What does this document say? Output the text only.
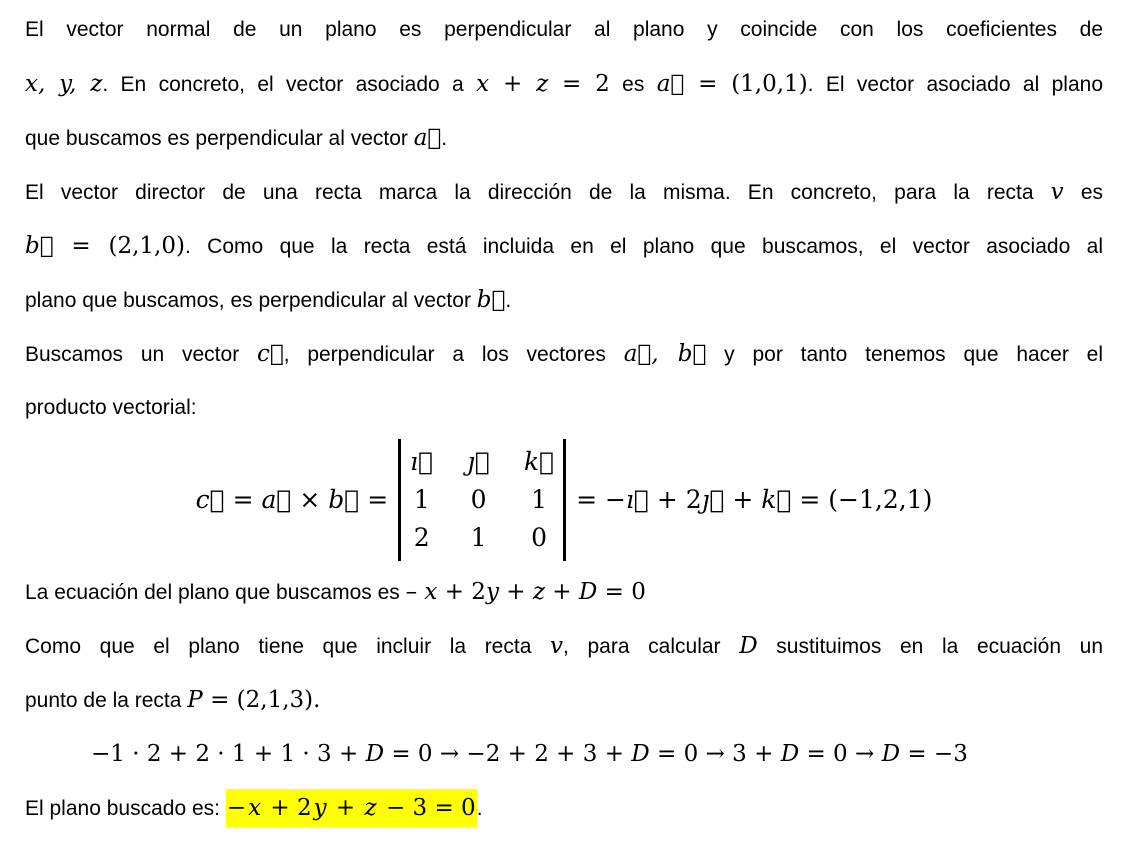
El vector normal de un plano es perpendicular al plano y coincide con los coeficientes de
x, y, z. En concreto, el vector asociado a x + z = 2 es a⃗ = (1,0,1). El vector asociado al plano
que buscamos es perpendicular al vector a⃗.
El vector director de una recta marca la dirección de la misma. En concreto, para la recta v es
b⃗ = (2,1,0). Como que la recta está incluida en el plano que buscamos, el vector asociado al
plano que buscamos, es perpendicular al vector b⃗.
Buscamos un vector c⃗, perpendicular a los vectores a⃗, b⃗ y por tanto tenemos que hacer el
producto vectorial:
c⃗ = a⃗ × b⃗ =
ı⃗ ȷ⃗ k⃗
1 0 1
2 1 0
= −ı⃗ + 2ȷ⃗ + k⃗ = (−1,2,1)
La ecuación del plano que buscamos es – x + 2y + z + D = 0
Como que el plano tiene que incluir la recta v, para calcular D sustituimos en la ecuación un
punto de la recta P = (2,1,3).
−1 · 2 + 2 · 1 + 1 · 3 + D = 0 → −2 + 2 + 3 + D = 0 → 3 + D = 0 → D = −3
El plano buscado es: −x + 2y + z − 3 = 0.
